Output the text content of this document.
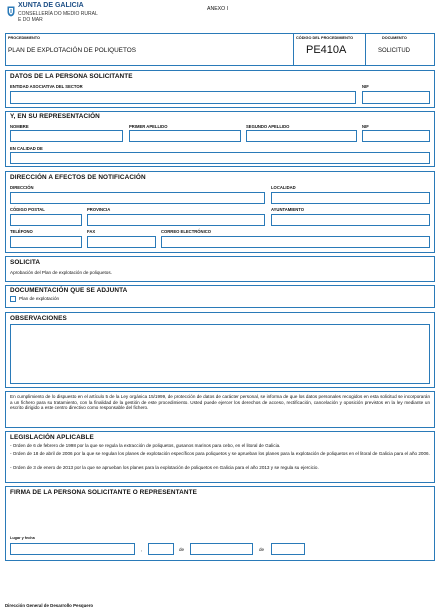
XUNTA DE GALICIA
CONSELLERÍA DO MEDIO RURAL
E DO MAR
ANEXO I
PROCEDIMIENTO
PLAN DE EXPLOTACIÓN DE POLIQUETOS
CÓDIGO DEL PROCEDIMIENTO
PE410A
DOCUMENTO
SOLICITUD
DATOS DE LA PERSONA SOLICITANTE
ENTIDAD ASOCIATIVA DEL SECTOR	NIF
Y, EN SU REPRESENTACIÓN
NOMBRE	PRIMER APELLIDO	SEGUNDO APELLIDO	NIF
EN CALIDAD DE
DIRECCIÓN A EFECTOS DE NOTIFICACIÓN
DIRECCIÓN	LOCALIDAD
CÓDIGO POSTAL	PROVINCIA	AYUNTAMIENTO
TELÉFONO	FAX	CORREO ELECTRÓNICO
SOLICITA
Aprobación del Plan de explotación de poliquetos.
DOCUMENTACIÓN QUE SE ADJUNTA
Plan de explotación
OBSERVACIONES
En cumplimiento de lo dispuesto en el artículo 5 de la Ley orgánica 15/1999, de protección de datos de carácter personal, se informa de que los datos personales recogidos en esta solicitud se incorporarán a un fichero para su tratamiento, con la finalidad de la gestión de este procedimiento. Usted puede ejercer los derechos de acceso, rectificación, cancelación y oposición previstos en la ley mediante un escrito dirigido a este centro directivo como responsable del fichero.
LEGISLACIÓN APLICABLE
- Orden de 6 de febrero de 1998 por la que se regula la extracción de poliquetos, gusanos marinos para cebo, en el litoral de Galicia.
- Orden de 18 de abril de 2006 por la que se regulan los planes de explotación específicos para poliquetos y se aprueban los planes para la explotación de poliquetos en el litoral de Galicia para el año 2006.
- Orden de 3 de enero de 2013 por la que se aprueban los planes para la explotación de poliquetos en Galicia para el año 2013 y se regula su ejercicio.
FIRMA DE LA PERSONA SOLICITANTE O REPRESENTANTE
Lugar y fecha
,	de	de
Dirección General de Desarrollo Pesquero
